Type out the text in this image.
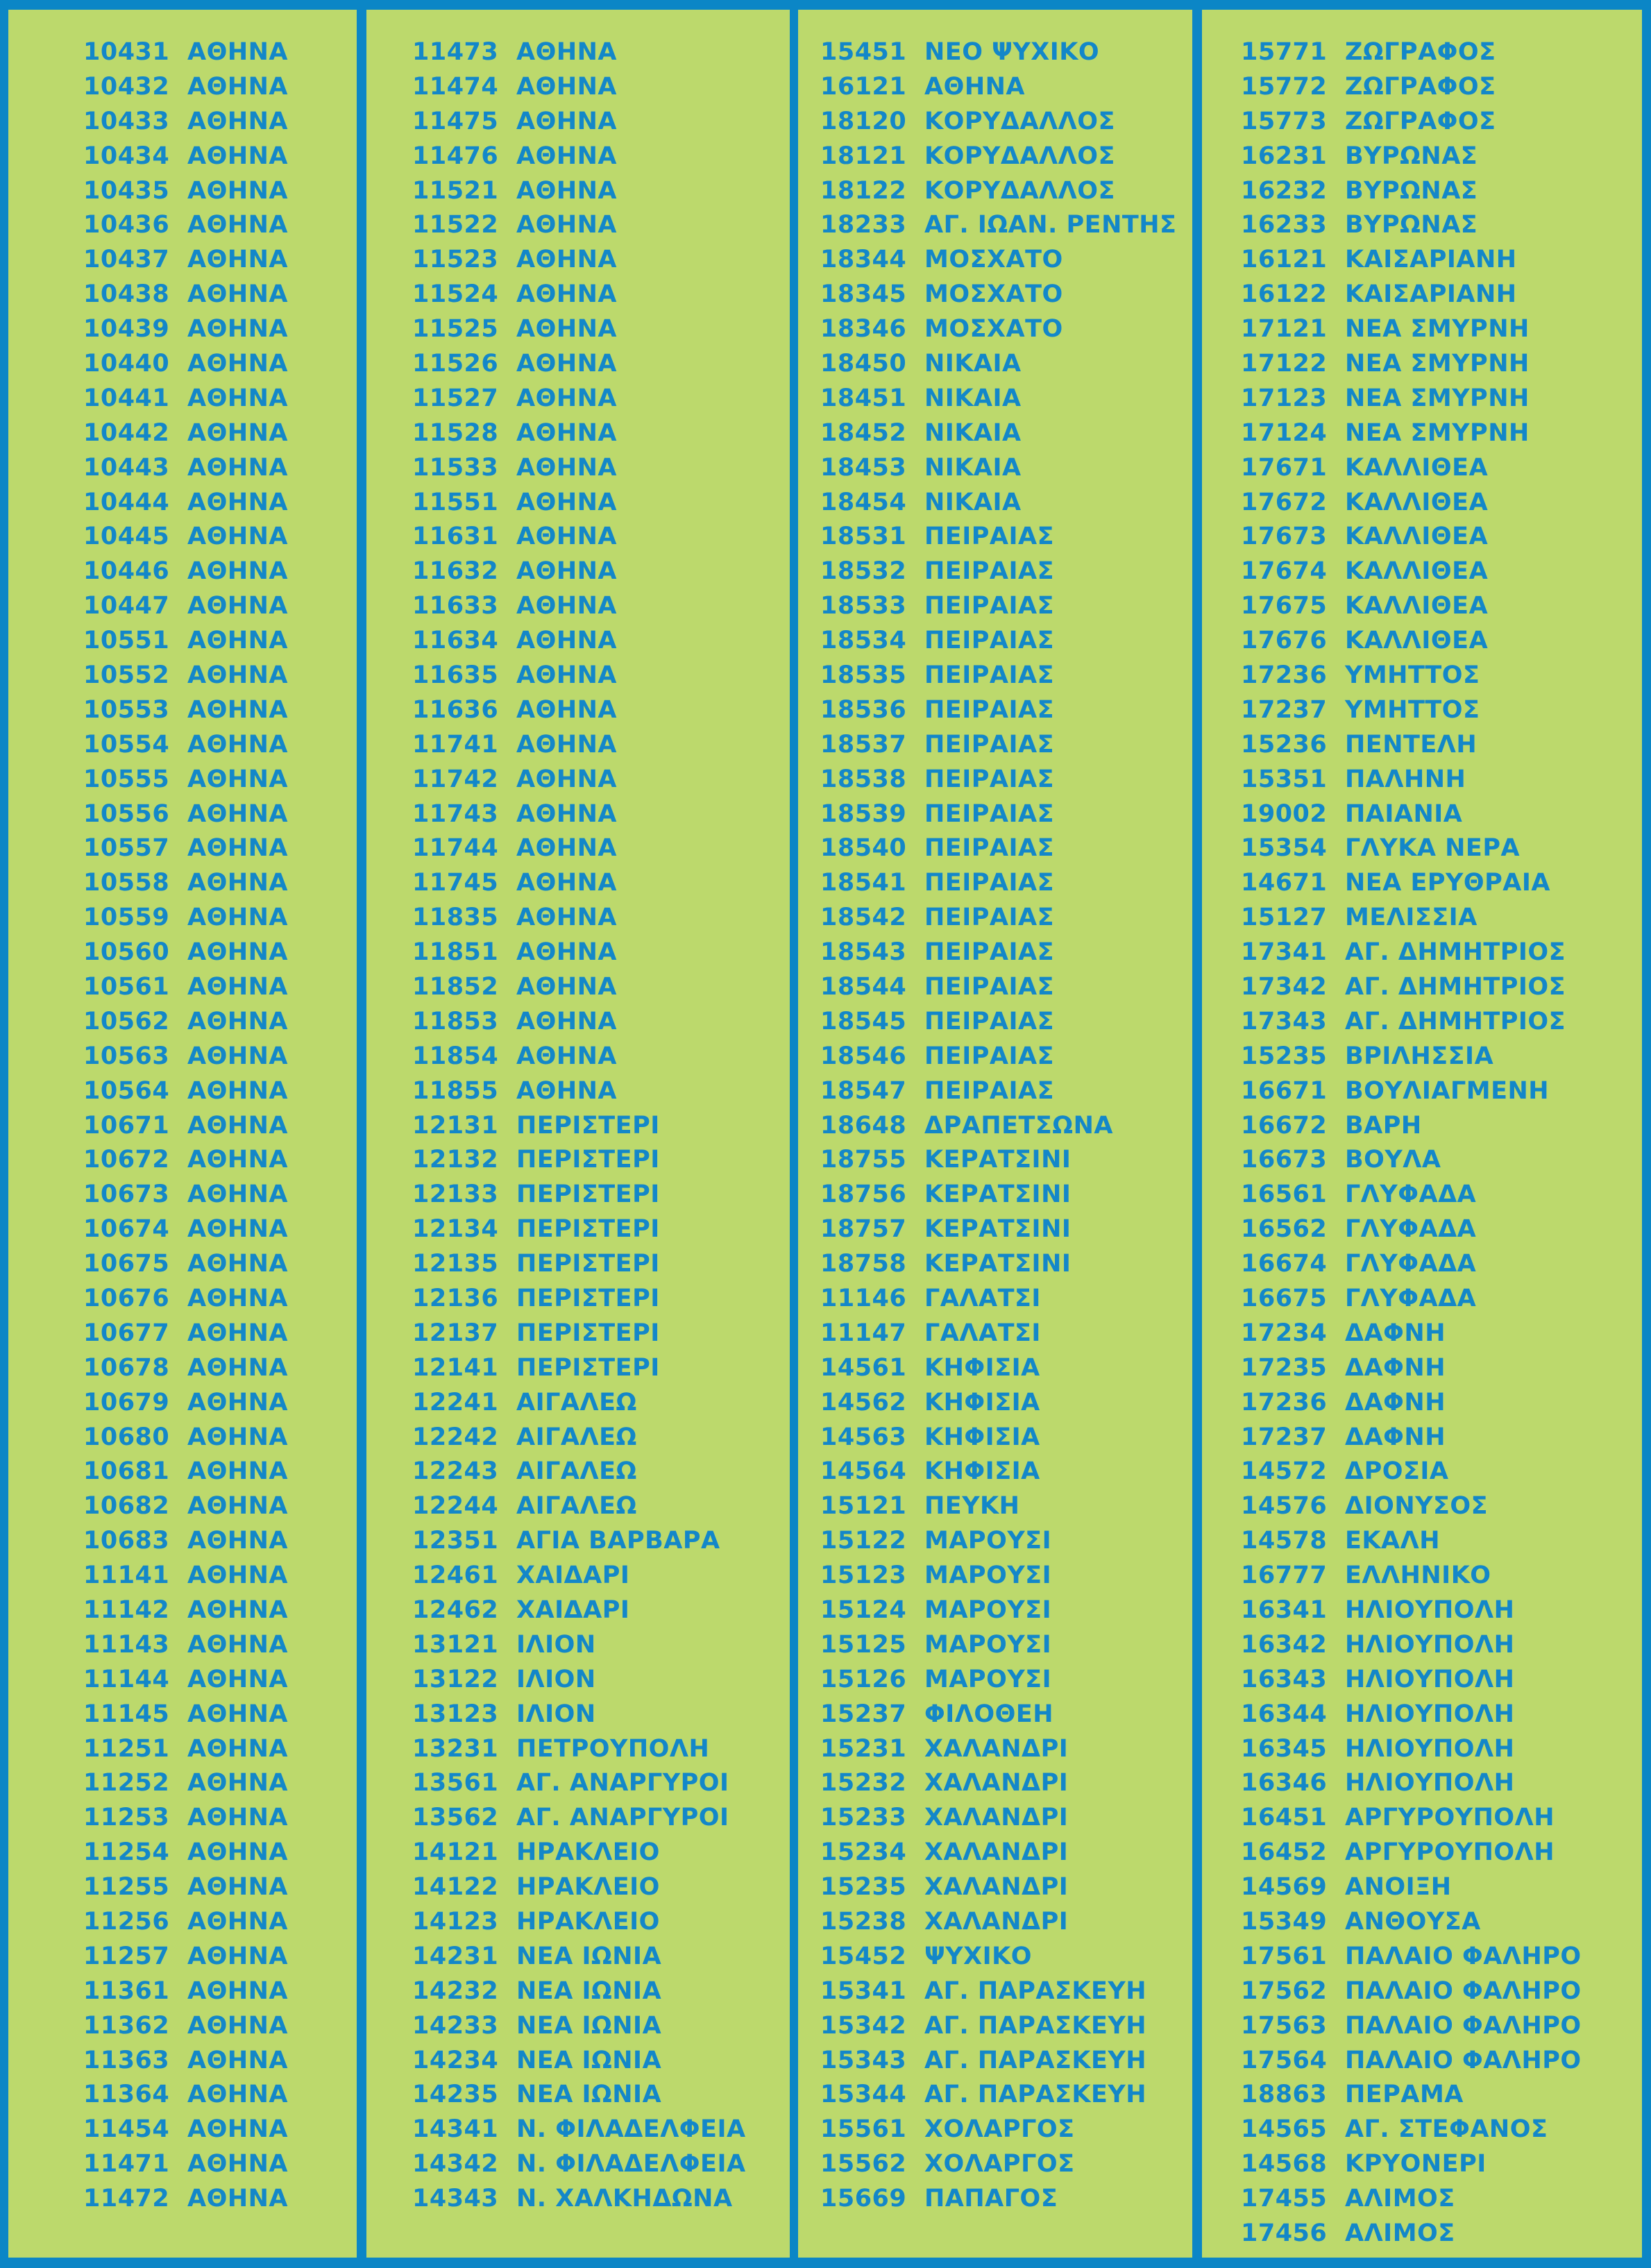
10431 ΑΘΗΝΑ
10432 ΑΘΗΝΑ
10433 ΑΘΗΝΑ
10434 ΑΘΗΝΑ
10435 ΑΘΗΝΑ
10436 ΑΘΗΝΑ
10437 ΑΘΗΝΑ
10438 ΑΘΗΝΑ
10439 ΑΘΗΝΑ
10440 ΑΘΗΝΑ
10441 ΑΘΗΝΑ
10442 ΑΘΗΝΑ
10443 ΑΘΗΝΑ
10444 ΑΘΗΝΑ
10445 ΑΘΗΝΑ
10446 ΑΘΗΝΑ
10447 ΑΘΗΝΑ
10551 ΑΘΗΝΑ
10552 ΑΘΗΝΑ
10553 ΑΘΗΝΑ
10554 ΑΘΗΝΑ
10555 ΑΘΗΝΑ
10556 ΑΘΗΝΑ
10557 ΑΘΗΝΑ
10558 ΑΘΗΝΑ
10559 ΑΘΗΝΑ
10560 ΑΘΗΝΑ
10561 ΑΘΗΝΑ
10562 ΑΘΗΝΑ
10563 ΑΘΗΝΑ
10564 ΑΘΗΝΑ
10671 ΑΘΗΝΑ
10672 ΑΘΗΝΑ
10673 ΑΘΗΝΑ
10674 ΑΘΗΝΑ
10675 ΑΘΗΝΑ
10676 ΑΘΗΝΑ
10677 ΑΘΗΝΑ
10678 ΑΘΗΝΑ
10679 ΑΘΗΝΑ
10680 ΑΘΗΝΑ
10681 ΑΘΗΝΑ
10682 ΑΘΗΝΑ
10683 ΑΘΗΝΑ
11141 ΑΘΗΝΑ
11142 ΑΘΗΝΑ
11143 ΑΘΗΝΑ
11144 ΑΘΗΝΑ
11145 ΑΘΗΝΑ
11251 ΑΘΗΝΑ
11252 ΑΘΗΝΑ
11253 ΑΘΗΝΑ
11254 ΑΘΗΝΑ
11255 ΑΘΗΝΑ
11256 ΑΘΗΝΑ
11257 ΑΘΗΝΑ
11361 ΑΘΗΝΑ
11362 ΑΘΗΝΑ
11363 ΑΘΗΝΑ
11364 ΑΘΗΝΑ
11454 ΑΘΗΝΑ
11471 ΑΘΗΝΑ
11472 ΑΘΗΝΑ
11473 ΑΘΗΝΑ
11474 ΑΘΗΝΑ
11475 ΑΘΗΝΑ
11476 ΑΘΗΝΑ
11521 ΑΘΗΝΑ
11522 ΑΘΗΝΑ
11523 ΑΘΗΝΑ
11524 ΑΘΗΝΑ
11525 ΑΘΗΝΑ
11526 ΑΘΗΝΑ
11527 ΑΘΗΝΑ
11528 ΑΘΗΝΑ
11533 ΑΘΗΝΑ
11551 ΑΘΗΝΑ
11631 ΑΘΗΝΑ
11632 ΑΘΗΝΑ
11633 ΑΘΗΝΑ
11634 ΑΘΗΝΑ
11635 ΑΘΗΝΑ
11636 ΑΘΗΝΑ
11741 ΑΘΗΝΑ
11742 ΑΘΗΝΑ
11743 ΑΘΗΝΑ
11744 ΑΘΗΝΑ
11745 ΑΘΗΝΑ
11835 ΑΘΗΝΑ
11851 ΑΘΗΝΑ
11852 ΑΘΗΝΑ
11853 ΑΘΗΝΑ
11854 ΑΘΗΝΑ
11855 ΑΘΗΝΑ
12131 ΠΕΡΙΣΤΕΡΙ
12132 ΠΕΡΙΣΤΕΡΙ
12133 ΠΕΡΙΣΤΕΡΙ
12134 ΠΕΡΙΣΤΕΡΙ
12135 ΠΕΡΙΣΤΕΡΙ
12136 ΠΕΡΙΣΤΕΡΙ
12137 ΠΕΡΙΣΤΕΡΙ
12141 ΠΕΡΙΣΤΕΡΙ
12241 ΑΙΓΑΛΕΩ
12242 ΑΙΓΑΛΕΩ
12243 ΑΙΓΑΛΕΩ
12244 ΑΙΓΑΛΕΩ
12351 ΑΓΙΑ ΒΑΡΒΑΡΑ
12461 ΧΑΙΔΑΡΙ
12462 ΧΑΙΔΑΡΙ
13121 ΙΛΙΟΝ
13122 ΙΛΙΟΝ
13123 ΙΛΙΟΝ
13231 ΠΕΤΡΟΥΠΟΛΗ
13561 ΑΓ. ΑΝΑΡΓΥΡΟΙ
13562 ΑΓ. ΑΝΑΡΓΥΡΟΙ
14121 ΗΡΑΚΛΕΙΟ
14122 ΗΡΑΚΛΕΙΟ
14123 ΗΡΑΚΛΕΙΟ
14231 ΝΕΑ ΙΩΝΙΑ
14232 ΝΕΑ ΙΩΝΙΑ
14233 ΝΕΑ ΙΩΝΙΑ
14234 ΝΕΑ ΙΩΝΙΑ
14235 ΝΕΑ ΙΩΝΙΑ
14341 Ν. ΦΙΛΑΔΕΛΦΕΙΑ
14342 Ν. ΦΙΛΑΔΕΛΦΕΙΑ
14343 Ν. ΧΑΛΚΗΔΩΝΑ
15451 ΝΕΟ ΨΥΧΙΚΟ
16121 ΑΘΗΝΑ
18120 ΚΟΡΥΔΑΛΛΟΣ
18121 ΚΟΡΥΔΑΛΛΟΣ
18122 ΚΟΡΥΔΑΛΛΟΣ
18233 ΑΓ. ΙΩΑΝ. ΡΕΝΤΗΣ
18344 ΜΟΣΧΑΤΟ
18345 ΜΟΣΧΑΤΟ
18346 ΜΟΣΧΑΤΟ
18450 ΝΙΚΑΙΑ
18451 ΝΙΚΑΙΑ
18452 ΝΙΚΑΙΑ
18453 ΝΙΚΑΙΑ
18454 ΝΙΚΑΙΑ
18531 ΠΕΙΡΑΙΑΣ
18532 ΠΕΙΡΑΙΑΣ
18533 ΠΕΙΡΑΙΑΣ
18534 ΠΕΙΡΑΙΑΣ
18535 ΠΕΙΡΑΙΑΣ
18536 ΠΕΙΡΑΙΑΣ
18537 ΠΕΙΡΑΙΑΣ
18538 ΠΕΙΡΑΙΑΣ
18539 ΠΕΙΡΑΙΑΣ
18540 ΠΕΙΡΑΙΑΣ
18541 ΠΕΙΡΑΙΑΣ
18542 ΠΕΙΡΑΙΑΣ
18543 ΠΕΙΡΑΙΑΣ
18544 ΠΕΙΡΑΙΑΣ
18545 ΠΕΙΡΑΙΑΣ
18546 ΠΕΙΡΑΙΑΣ
18547 ΠΕΙΡΑΙΑΣ
18648 ΔΡΑΠΕΤΣΩΝΑ
18755 ΚΕΡΑΤΣΙΝΙ
18756 ΚΕΡΑΤΣΙΝΙ
18757 ΚΕΡΑΤΣΙΝΙ
18758 ΚΕΡΑΤΣΙΝΙ
11146 ΓΑΛΑΤΣΙ
11147 ΓΑΛΑΤΣΙ
14561 ΚΗΦΙΣΙΑ
14562 ΚΗΦΙΣΙΑ
14563 ΚΗΦΙΣΙΑ
14564 ΚΗΦΙΣΙΑ
15121 ΠΕΥΚΗ
15122 ΜΑΡΟΥΣΙ
15123 ΜΑΡΟΥΣΙ
15124 ΜΑΡΟΥΣΙ
15125 ΜΑΡΟΥΣΙ
15126 ΜΑΡΟΥΣΙ
15237 ΦΙΛΟΘΕΗ
15231 ΧΑΛΑΝΔΡΙ
15232 ΧΑΛΑΝΔΡΙ
15233 ΧΑΛΑΝΔΡΙ
15234 ΧΑΛΑΝΔΡΙ
15235 ΧΑΛΑΝΔΡΙ
15238 ΧΑΛΑΝΔΡΙ
15452 ΨΥΧΙΚΟ
15341 ΑΓ. ΠΑΡΑΣΚΕΥΗ
15342 ΑΓ. ΠΑΡΑΣΚΕΥΗ
15343 ΑΓ. ΠΑΡΑΣΚΕΥΗ
15344 ΑΓ. ΠΑΡΑΣΚΕΥΗ
15561 ΧΟΛΑΡΓΟΣ
15562 ΧΟΛΑΡΓΟΣ
15669 ΠΑΠΑΓΟΣ
15771 ΖΩΓΡΑΦΟΣ
15772 ΖΩΓΡΑΦΟΣ
15773 ΖΩΓΡΑΦΟΣ
16231 ΒΥΡΩΝΑΣ
16232 ΒΥΡΩΝΑΣ
16233 ΒΥΡΩΝΑΣ
16121 ΚΑΙΣΑΡΙΑΝΗ
16122 ΚΑΙΣΑΡΙΑΝΗ
17121 ΝΕΑ ΣΜΥΡΝΗ
17122 ΝΕΑ ΣΜΥΡΝΗ
17123 ΝΕΑ ΣΜΥΡΝΗ
17124 ΝΕΑ ΣΜΥΡΝΗ
17671 ΚΑΛΛΙΘΕΑ
17672 ΚΑΛΛΙΘΕΑ
17673 ΚΑΛΛΙΘΕΑ
17674 ΚΑΛΛΙΘΕΑ
17675 ΚΑΛΛΙΘΕΑ
17676 ΚΑΛΛΙΘΕΑ
17236 ΥΜΗΤΤΟΣ
17237 ΥΜΗΤΤΟΣ
15236 ΠΕΝΤΕΛΗ
15351 ΠΑΛΗΝΗ
19002 ΠΑΙΑΝΙΑ
15354 ΓΛΥΚΑ ΝΕΡΑ
14671 ΝΕΑ ΕΡΥΘΡΑΙΑ
15127 ΜΕΛΙΣΣΙΑ
17341 ΑΓ. ΔΗΜΗΤΡΙΟΣ
17342 ΑΓ. ΔΗΜΗΤΡΙΟΣ
17343 ΑΓ. ΔΗΜΗΤΡΙΟΣ
15235 ΒΡΙΛΗΣΣΙΑ
16671 ΒΟΥΛΙΑΓΜΕΝΗ
16672 ΒΑΡΗ
16673 ΒΟΥΛΑ
16561 ΓΛΥΦΑΔΑ
16562 ΓΛΥΦΑΔΑ
16674 ΓΛΥΦΑΔΑ
16675 ΓΛΥΦΑΔΑ
17234 ΔΑΦΝΗ
17235 ΔΑΦΝΗ
17236 ΔΑΦΝΗ
17237 ΔΑΦΝΗ
14572 ΔΡΟΣΙΑ
14576 ΔΙΟΝΥΣΟΣ
14578 ΕΚΑΛΗ
16777 ΕΛΛΗΝΙΚΟ
16341 ΗΛΙΟΥΠΟΛΗ
16342 ΗΛΙΟΥΠΟΛΗ
16343 ΗΛΙΟΥΠΟΛΗ
16344 ΗΛΙΟΥΠΟΛΗ
16345 ΗΛΙΟΥΠΟΛΗ
16346 ΗΛΙΟΥΠΟΛΗ
16451 ΑΡΓΥΡΟΥΠΟΛΗ
16452 ΑΡΓΥΡΟΥΠΟΛΗ
14569 ΑΝΟΙΞΗ
15349 ΑΝΘΟΥΣΑ
17561 ΠΑΛΑΙΟ ΦΑΛΗΡΟ
17562 ΠΑΛΑΙΟ ΦΑΛΗΡΟ
17563 ΠΑΛΑΙΟ ΦΑΛΗΡΟ
17564 ΠΑΛΑΙΟ ΦΑΛΗΡΟ
18863 ΠΕΡΑΜΑ
14565 ΑΓ. ΣΤΕΦΑΝΟΣ
14568 ΚΡΥΟΝΕΡΙ
17455 ΑΛΙΜΟΣ
17456 ΑΛΙΜΟΣ
